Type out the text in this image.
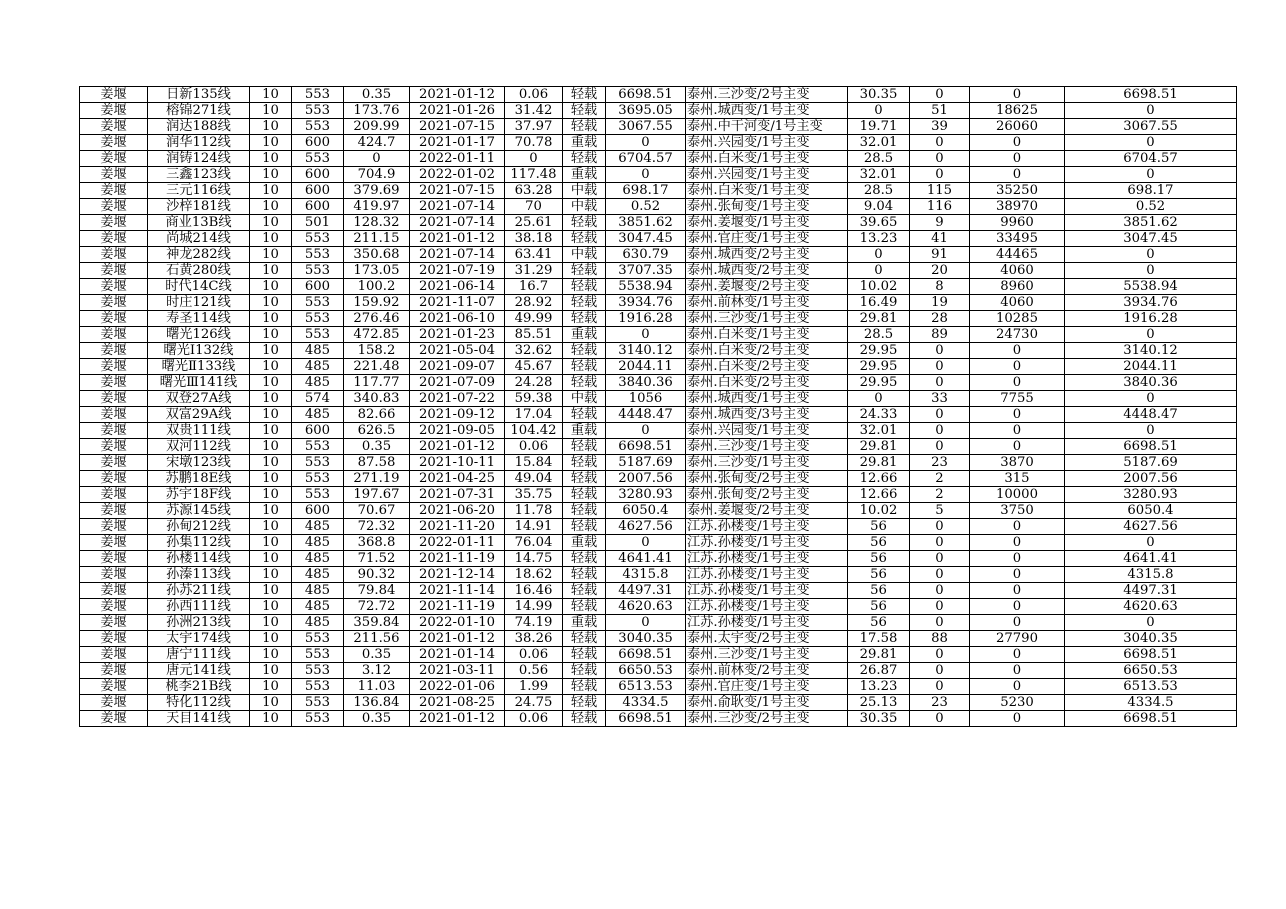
姜堰	日新135线	10	553	0.35	2021-01-12	0.06	轻载	6698.51	泰州.三沙变/2号主变	30.35	0	0	6698.51
姜堰	榕锦271线	10	553	173.76	2021-01-26	31.42	轻载	3695.05	泰州.城西变/1号主变	0	51	18625	0
姜堰	润达188线	10	553	209.99	2021-07-15	37.97	轻载	3067.55	泰州.中干河变/1号主变	19.71	39	26060	3067.55
姜堰	润华112线	10	600	424.7	2021-01-17	70.78	重载	0	泰州.兴园变/1号主变	32.01	0	0	0
姜堰	润铸124线	10	553	0	2022-01-11	0	轻载	6704.57	泰州.白米变/1号主变	28.5	0	0	6704.57
姜堰	三鑫123线	10	600	704.9	2022-01-02	117.48	重载	0	泰州.兴园变/1号主变	32.01	0	0	0
姜堰	三元116线	10	600	379.69	2021-07-15	63.28	中载	698.17	泰州.白米变/1号主变	28.5	115	35250	698.17
姜堰	沙梓181线	10	600	419.97	2021-07-14	70	中载	0.52	泰州.张甸变/1号主变	9.04	116	38970	0.52
姜堰	商业13B线	10	501	128.32	2021-07-14	25.61	轻载	3851.62	泰州.姜堰变/1号主变	39.65	9	9960	3851.62
姜堰	尚城214线	10	553	211.15	2021-01-12	38.18	轻载	3047.45	泰州.官庄变/1号主变	13.23	41	33495	3047.45
姜堰	神龙282线	10	553	350.68	2021-07-14	63.41	中载	630.79	泰州.城西变/2号主变	0	91	44465	0
姜堰	石黄280线	10	553	173.05	2021-07-19	31.29	轻载	3707.35	泰州.城西变/2号主变	0	20	4060	0
姜堰	时代14C线	10	600	100.2	2021-06-14	16.7	轻载	5538.94	泰州.姜堰变/2号主变	10.02	8	8960	5538.94
姜堰	时庄121线	10	553	159.92	2021-11-07	28.92	轻载	3934.76	泰州.前林变/1号主变	16.49	19	4060	3934.76
姜堰	寿圣114线	10	553	276.46	2021-06-10	49.99	轻载	1916.28	泰州.三沙变/1号主变	29.81	28	10285	1916.28
姜堰	曙光126线	10	553	472.85	2021-01-23	85.51	重载	0	泰州.白米变/1号主变	28.5	89	24730	0
姜堰	曙光Ⅰ132线	10	485	158.2	2021-05-04	32.62	轻载	3140.12	泰州.白米变/2号主变	29.95	0	0	3140.12
姜堰	曙光Ⅱ133线	10	485	221.48	2021-09-07	45.67	轻载	2044.11	泰州.白米变/2号主变	29.95	0	0	2044.11
姜堰	曙光Ⅲ141线	10	485	117.77	2021-07-09	24.28	轻载	3840.36	泰州.白米变/2号主变	29.95	0	0	3840.36
姜堰	双登27A线	10	574	340.83	2021-07-22	59.38	中载	1056	泰州.城西变/1号主变	0	33	7755	0
姜堰	双富29A线	10	485	82.66	2021-09-12	17.04	轻载	4448.47	泰州.城西变/3号主变	24.33	0	0	4448.47
姜堰	双贵111线	10	600	626.5	2021-09-05	104.42	重载	0	泰州.兴园变/1号主变	32.01	0	0	0
姜堰	双河112线	10	553	0.35	2021-01-12	0.06	轻载	6698.51	泰州.三沙变/1号主变	29.81	0	0	6698.51
姜堰	宋墩123线	10	553	87.58	2021-10-11	15.84	轻载	5187.69	泰州.三沙变/1号主变	29.81	23	3870	5187.69
姜堰	苏鹏18E线	10	553	271.19	2021-04-25	49.04	轻载	2007.56	泰州.张甸变/2号主变	12.66	2	315	2007.56
姜堰	苏宇18F线	10	553	197.67	2021-07-31	35.75	轻载	3280.93	泰州.张甸变/2号主变	12.66	2	10000	3280.93
姜堰	苏源145线	10	600	70.67	2021-06-20	11.78	轻载	6050.4	泰州.姜堰变/2号主变	10.02	5	3750	6050.4
姜堰	孙甸212线	10	485	72.32	2021-11-20	14.91	轻载	4627.56	江苏.孙楼变/1号主变	56	0	0	4627.56
姜堰	孙集112线	10	485	368.8	2022-01-11	76.04	重载	0	江苏.孙楼变/1号主变	56	0	0	0
姜堰	孙楼114线	10	485	71.52	2021-11-19	14.75	轻载	4641.41	江苏.孙楼变/1号主变	56	0	0	4641.41
姜堰	孙溱113线	10	485	90.32	2021-12-14	18.62	轻载	4315.8	江苏.孙楼变/1号主变	56	0	0	4315.8
姜堰	孙苏211线	10	485	79.84	2021-11-14	16.46	轻载	4497.31	江苏.孙楼变/1号主变	56	0	0	4497.31
姜堰	孙西111线	10	485	72.72	2021-11-19	14.99	轻载	4620.63	江苏.孙楼变/1号主变	56	0	0	4620.63
姜堰	孙洲213线	10	485	359.84	2022-01-10	74.19	重载	0	江苏.孙楼变/1号主变	56	0	0	0
姜堰	太宇174线	10	553	211.56	2021-01-12	38.26	轻载	3040.35	泰州.太宇变/2号主变	17.58	88	27790	3040.35
姜堰	唐宁111线	10	553	0.35	2021-01-14	0.06	轻载	6698.51	泰州.三沙变/1号主变	29.81	0	0	6698.51
姜堰	唐元141线	10	553	3.12	2021-03-11	0.56	轻载	6650.53	泰州.前林变/2号主变	26.87	0	0	6650.53
姜堰	桃李21B线	10	553	11.03	2022-01-06	1.99	轻载	6513.53	泰州.官庄变/1号主变	13.23	0	0	6513.53
姜堰	特化112线	10	553	136.84	2021-08-25	24.75	轻载	4334.5	泰州.俞耿变/1号主变	25.13	23	5230	4334.5
姜堰	天目141线	10	553	0.35	2021-01-12	0.06	轻载	6698.51	泰州.三沙变/2号主变	30.35	0	0	6698.51
